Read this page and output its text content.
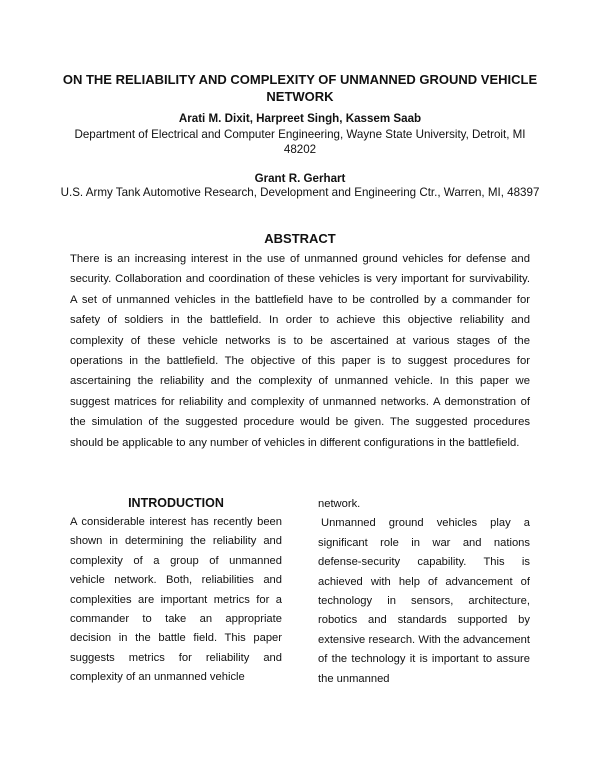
ON THE RELIABILITY AND COMPLEXITY OF UNMANNED GROUND VEHICLE NETWORK
Arati M. Dixit, Harpreet Singh, Kassem Saab
Department of Electrical and Computer Engineering, Wayne State University, Detroit, MI 48202
Grant R. Gerhart
U.S. Army Tank Automotive Research, Development and Engineering Ctr., Warren, MI, 48397
ABSTRACT
There is an increasing interest in the use of unmanned ground vehicles for defense and security. Collaboration and coordination of these vehicles is very important for survivability. A set of unmanned vehicles in the battlefield have to be controlled by a commander for safety of soldiers in the battlefield. In order to achieve this objective reliability and complexity of these vehicle networks is to be ascertained at various stages of the operations in the battlefield. The objective of this paper is to suggest procedures for ascertaining the reliability and the complexity of unmanned vehicle. In this paper we suggest matrices for reliability and complexity of unmanned networks. A demonstration of the simulation of the suggested procedure would be given. The suggested procedures should be applicable to any number of vehicles in different configurations in the battlefield.
INTRODUCTION

A considerable interest has recently been shown in determining the reliability and complexity of a group of unmanned vehicle network. Both, reliabilities and complexities are important metrics for a commander to take an appropriate decision in the battle field. This paper suggests metrics for reliability and complexity of an unmanned vehicle

network.

Unmanned ground vehicles play a significant role in war and nations defense-security capability. This is achieved with help of advancement of technology in sensors, architecture, robotics and standards supported by extensive research. With the advancement of the technology it is important to assure the unmanned
